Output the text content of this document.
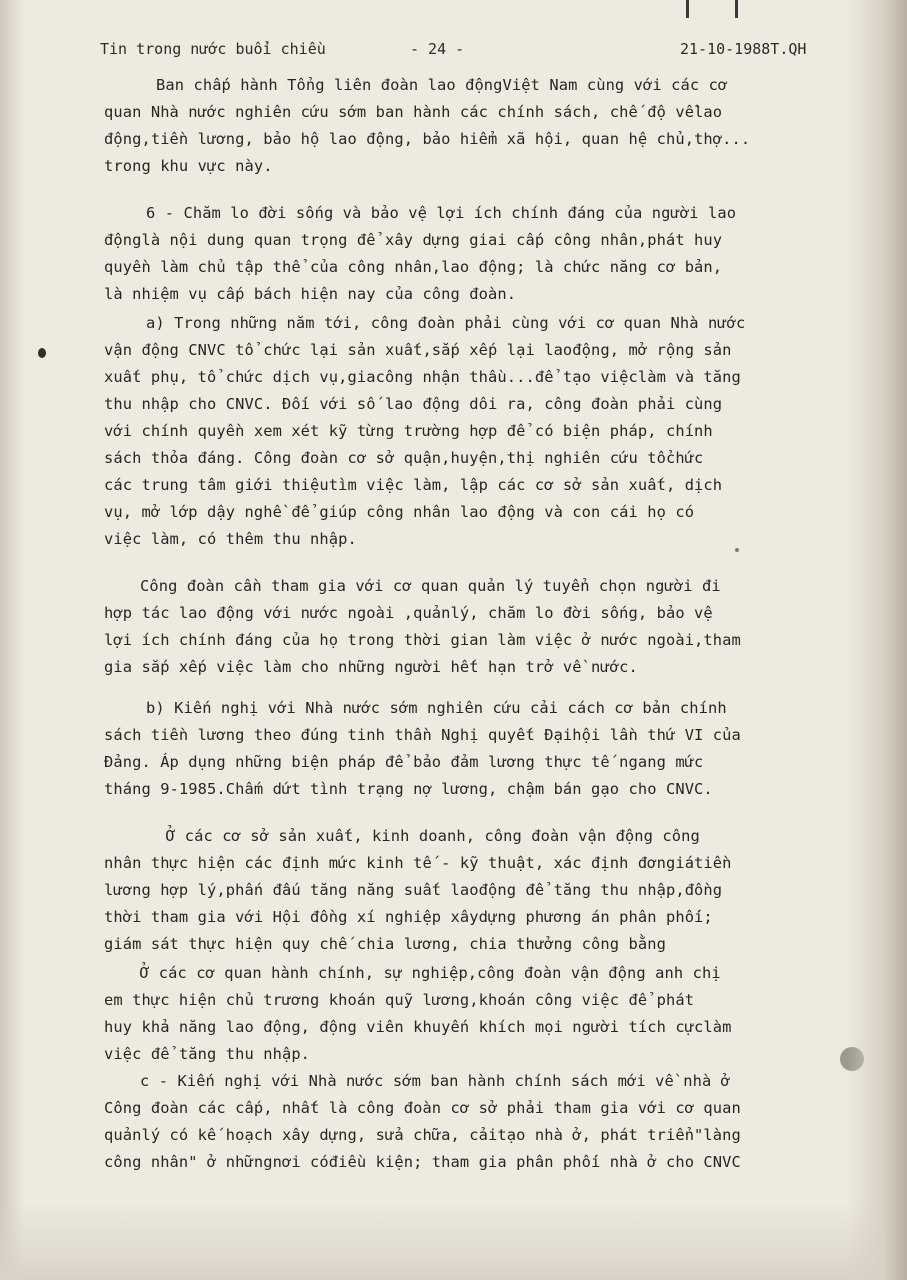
Tin trong nước buổi chiều	- 24 -	21-10-1988T.QH
Ban chấp hành Tổng liên đoàn lao độngViệt Nam cùng với các cơ
quan Nhà nước nghiên cứu sớm ban hành các chính sách, chế độ vềlao
động,tiền lương, bảo hộ lao động, bảo hiểm xã hội, quan hệ chủ,thợ...
trong khu vực này.
6 - Chăm lo đời sống và bảo vệ lợi ích chính đáng của người lao
độnglà nội dung quan trọng để xây dựng giai cấp công nhân,phát huy
quyền làm chủ tập thể của công nhân,lao động; là chức năng cơ bản,
là nhiệm vụ cấp bách hiện nay của công đoàn.
a) Trong những năm tới, công đoàn phải cùng với cơ quan Nhà nước
vận động CNVC tổ chức lại sản xuất,sắp xếp lại laođộng, mở rộng sản
xuất phụ, tổ chức dịch vụ,giacông nhận thầu...để tạo việclàm và tăng
thu nhập cho CNVC. Đối với số lao động dôi ra, công đoàn phải cùng
với chính quyền xem xét kỹ từng trường hợp để có biện pháp, chính
sách thỏa đáng. Công đoàn cơ sở quận,huyện,thị nghiên cứu tổchức
các trung tâm giới thiệutìm việc làm, lập các cơ sở sản xuất, dịch
vụ, mở lớp dậy nghề để giúp công nhân lao động và con cái họ có
việc làm, có thêm thu nhập.
Công đoàn cần tham gia với cơ quan quản lý tuyển chọn người đi
hợp tác lao động với nước ngoài ,quảnlý, chăm lo đời sống, bảo vệ
lợi ích chính đáng của họ trong thời gian làm việc ở nước ngoài,tham
gia sắp xếp việc làm cho những người hết hạn trở về nước.
b) Kiến nghị với Nhà nước sớm nghiên cứu cải cách cơ bản chính
sách tiền lương theo đúng tinh thần Nghị quyết Đạihội lần thứ VI của
Đảng. Áp dụng những biện pháp để bảo đảm lương thực tế ngang mức
tháng 9-1985.Chấm dứt tình trạng nợ lương, chậm bán gạo cho CNVC.
Ở các cơ sở sản xuất, kinh doanh, công đoàn vận động công
nhân thực hiện các định mức kinh tế - kỹ thuật, xác định đơngiátiền
lương hợp lý,phấn đấu tăng năng suất laođộng để tăng thu nhập,đồng
thời tham gia với Hội đồng xí nghiệp xâydựng phương án phân phối;
giám sát thực hiện quy chế chia lương, chia thưởng công bằng
Ở các cơ quan hành chính, sự nghiệp,công đoàn vận động anh chị
em thực hiện chủ trương khoán quỹ lương,khoán công việc để phát
huy khả năng lao động, động viên khuyến khích mọi người tích cựclàm
việc để tăng thu nhập.
c - Kiến nghị với Nhà nước sớm ban hành chính sách mới về nhà ở
Công đoàn các cấp, nhất là công đoàn cơ sở phải tham gia với cơ quan
quảnlý có kế hoạch xây dựng, sửa chữa, cảitạo nhà ở, phát triển"làng
công nhân" ở nhữngnơi cóđiều kiện; tham gia phân phối nhà ở cho CNVC
